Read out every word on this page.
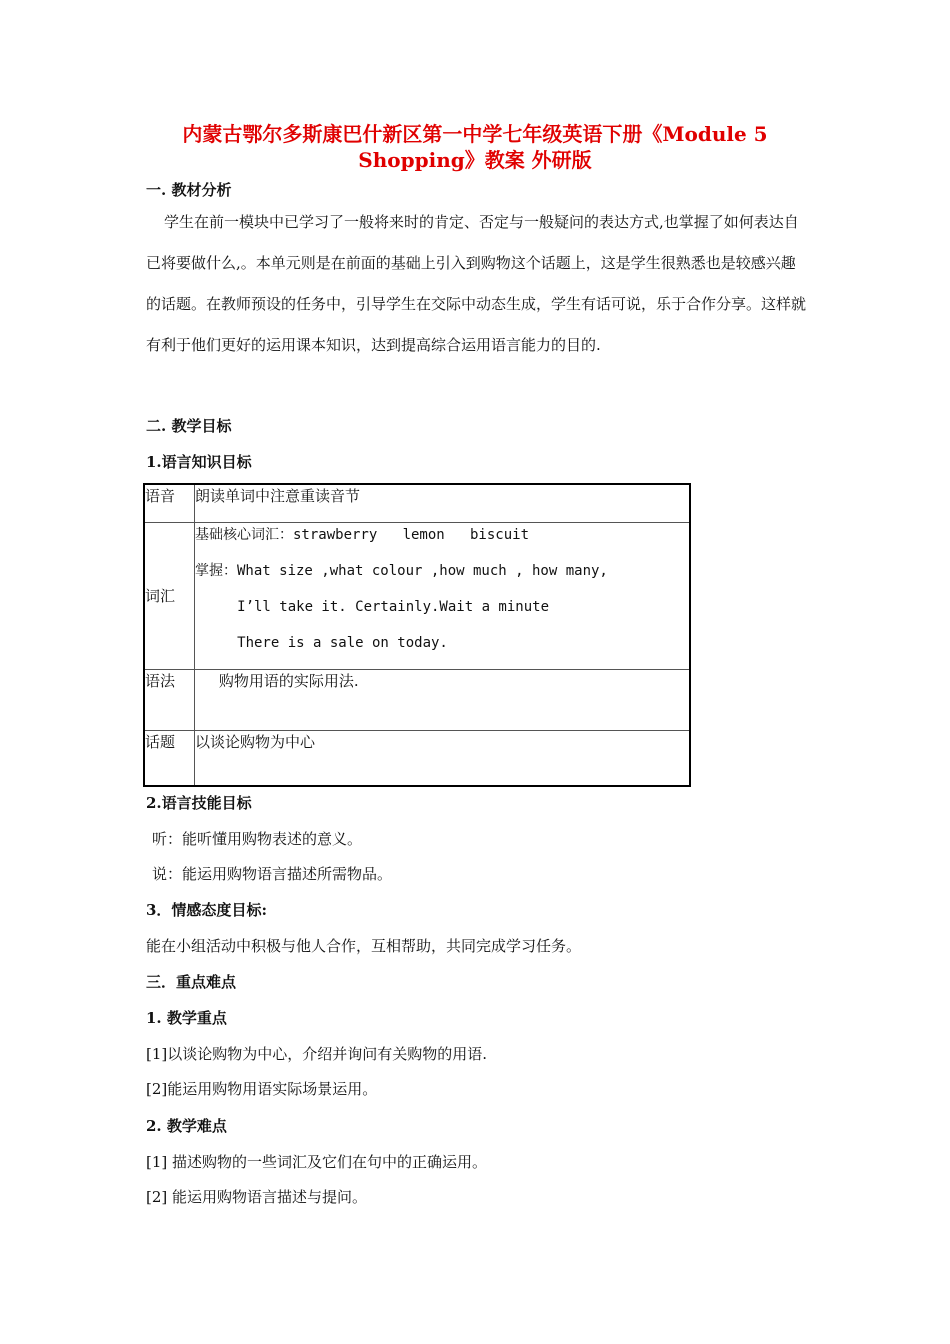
内蒙古鄂尔多斯康巴什新区第一中学七年级英语下册《Module 5
Shopping》教案 外研版
一. 教材分析
学生在前一模块中已学习了一般将来时的肯定、否定与一般疑问的表达方式,也掌握了如何表达自已将要做什么,。本单元则是在前面的基础上引入到购物这个话题上，这是学生很熟悉也是较感兴趣的话题。在教师预设的任务中，引导学生在交际中动态生成，学生有话可说，乐于合作分享。这样就有利于他们更好的运用课本知识，达到提高综合运用语言能力的目的.
二. 教学目标
1.语言知识目标
语音	朗读单词中注意重读音节
词汇	基础核心词汇：strawberry   lemon   biscuit
掌握：What size ,what colour ,how much , how many,
I’ll take it. Certainly.Wait a minute
There is a sale on today.

语法	购物用语的实际用法.
话题	以谈论购物为中心
2.语言技能目标
听：能听懂用购物表述的意义。
说：能运用购物语言描述所需物品。
3．情感态度目标:
能在小组活动中积极与他人合作，互相帮助，共同完成学习任务。
三．重点难点
1. 教学重点
[1]以谈论购物为中心，介绍并询问有关购物的用语.
[2]能运用购物用语实际场景运用。
2. 教学难点
[1] 描述购物的一些词汇及它们在句中的正确运用。
[2] 能运用购物语言描述与提问。
